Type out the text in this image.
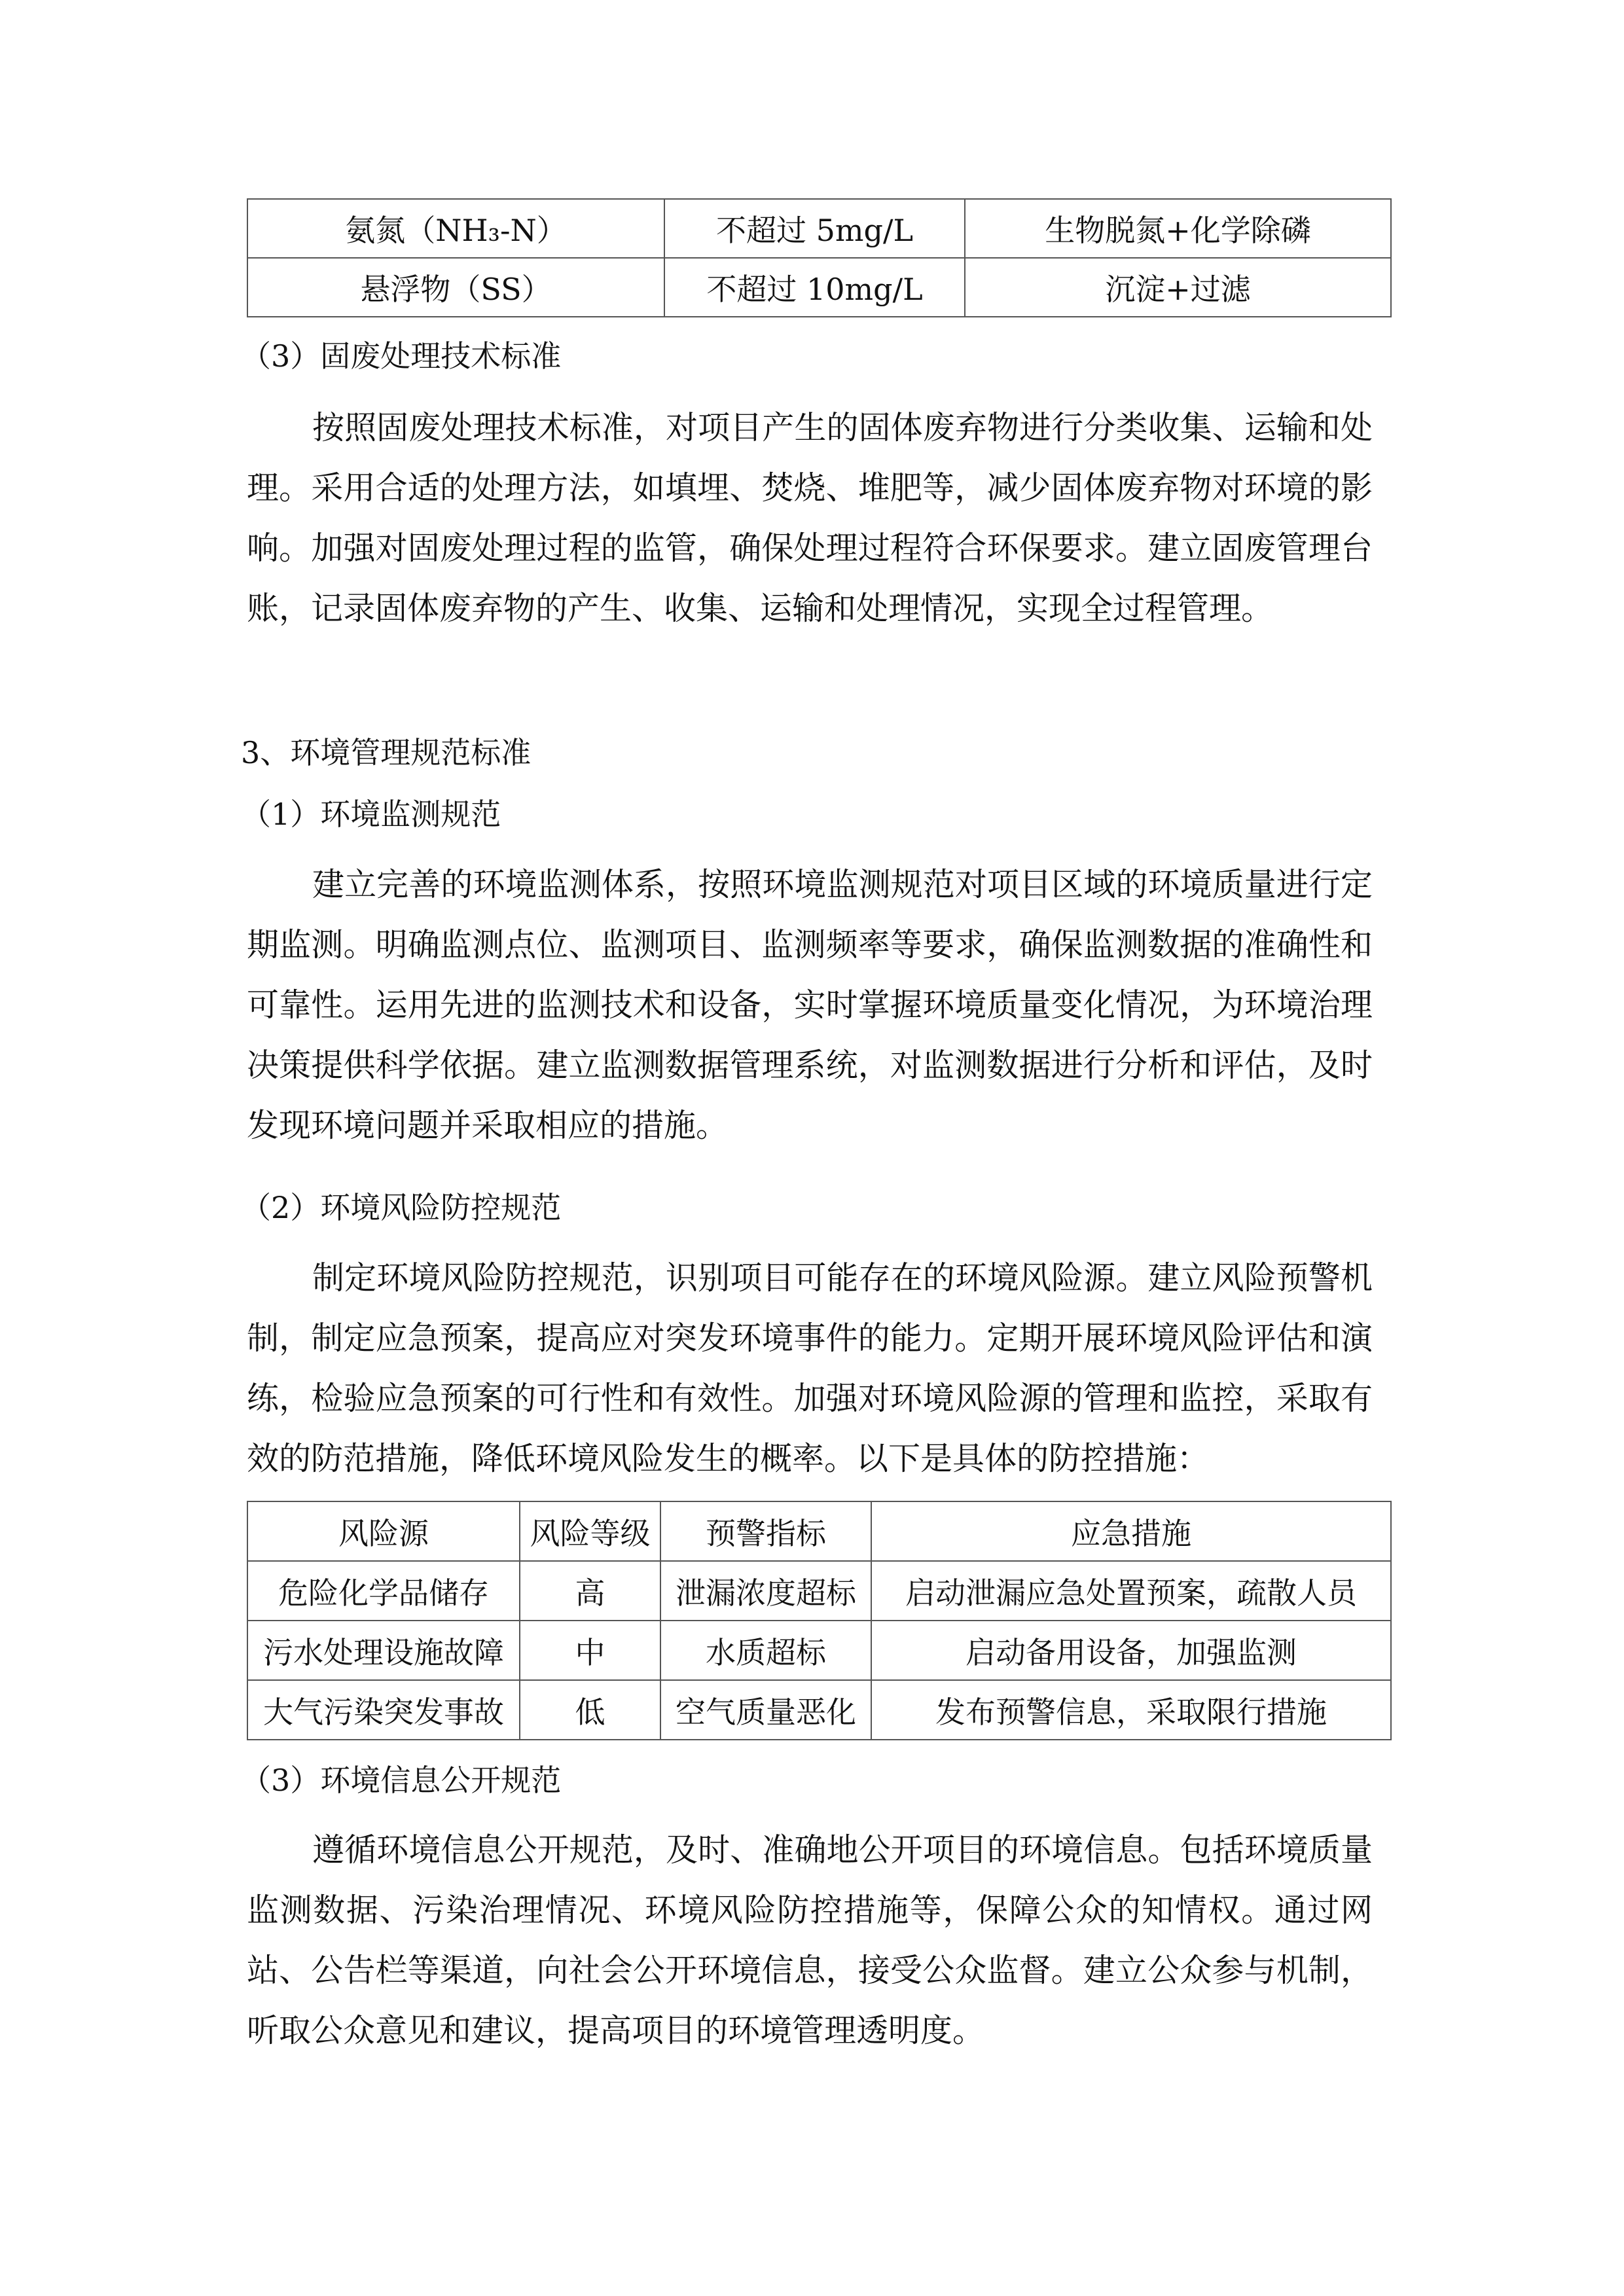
氨氮（NH₃-N）	不超过 5mg/L	生物脱氮+化学除磷
悬浮物（SS）	不超过 10mg/L	沉淀+过滤
（3）固废处理技术标准

按照固废处理技术标准，对项目产生的固体废弃物进行分类收集、运输和处理。采用合适的处理方法，如填埋、焚烧、堆肥等，减少固体废弃物对环境的影响。加强对固废处理过程的监管，确保处理过程符合环保要求。建立固废管理台账，记录固体废弃物的产生、收集、运输和处理情况，实现全过程管理。

3、环境管理规范标准
（1）环境监测规范

建立完善的环境监测体系，按照环境监测规范对项目区域的环境质量进行定期监测。明确监测点位、监测项目、监测频率等要求，确保监测数据的准确性和可靠性。运用先进的监测技术和设备，实时掌握环境质量变化情况，为环境治理决策提供科学依据。建立监测数据管理系统，对监测数据进行分析和评估，及时发现环境问题并采取相应的措施。

（2）环境风险防控规范

制定环境风险防控规范，识别项目可能存在的环境风险源。建立风险预警机制，制定应急预案，提高应对突发环境事件的能力。定期开展环境风险评估和演练，检验应急预案的可行性和有效性。加强对环境风险源的管理和监控，采取有效的防范措施，降低环境风险发生的概率。以下是具体的防控措施：

风险源	风险等级	预警指标	应急措施
危险化学品储存	高	泄漏浓度超标	启动泄漏应急处置预案，疏散人员
污水处理设施故障	中	水质超标	启动备用设备，加强监测
大气污染突发事故	低	空气质量恶化	发布预警信息，采取限行措施
（3）环境信息公开规范

遵循环境信息公开规范，及时、准确地公开项目的环境信息。包括环境质量监测数据、污染治理情况、环境风险防控措施等，保障公众的知情权。通过网站、公告栏等渠道，向社会公开环境信息，接受公众监督。建立公众参与机制，听取公众意见和建议，提高项目的环境管理透明度。
